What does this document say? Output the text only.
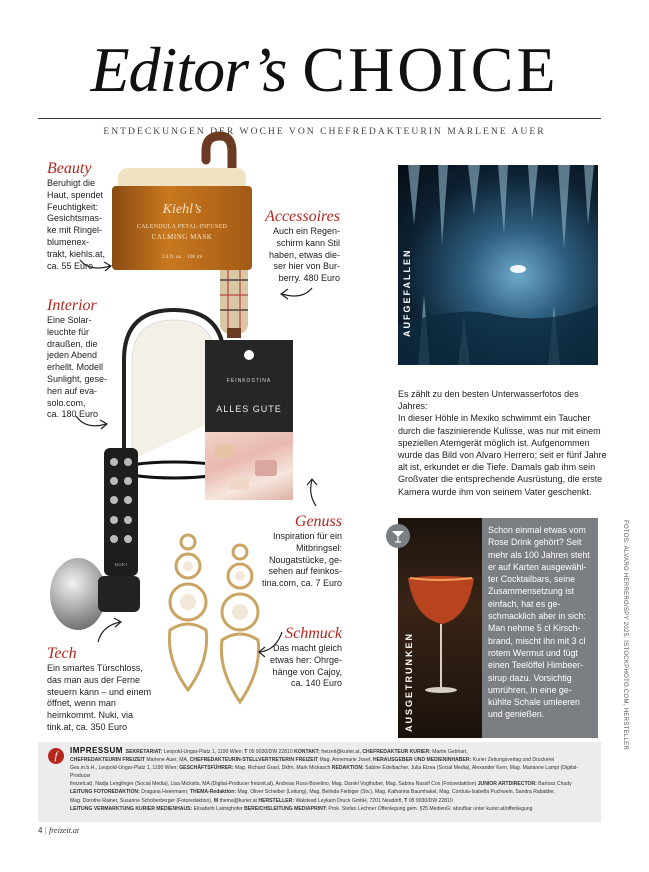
Editor’s CHOICE
ENTDECKUNGEN DER WOCHE VON CHEFREDAKTEURIN MARLENE AUER
Kiehl’s
CALENDULA PETAL-INFUSED
CALMING MASK
3.4 fl. oz. · 100 ml
Beauty
Beruhigt die
Haut, spendet
Feuchtigkeit:
Gesichtsmas-
ke mit Ringel-
blumenex-
trakt, kiehls.at,
ca. 55 Euro
Accessoires
Auch ein Regen-
schirm kann Stil
haben, etwas die-
ser hier von Bur-
berry. 480 Euro
Interior
Eine Solar-
leuchte für
draußen, die
jeden Abend
erhellt. Modell
Sunlight, gese-
hen auf eva-
solo.com,
ca. 180 Euro
FEINKOSTINA
ALLES GUTE
NUKI
Genuss
Inspiration für ein
Mitbringsel:
Nougatstücke, ge-
sehen auf feinkos-
tina.com, ca. 7 Euro
Schmuck
Das macht gleich
etwas her: Ohrge-
hänge von Cajoy,
ca. 140 Euro
Tech
Ein smartes Türschloss,
das man aus der Ferne
steuern kann – und einem
öffnet, wenn man
heimkommt. Nuki, via
tink.at, ca. 350 Euro
AUFGEFALLEN
Es zählt zu den besten Unterwasserfotos des Jahres:
In dieser Höhle in Mexiko schwimmt ein Taucher
durch die faszinierende Kulisse, was nur mit einem
speziellen Atemgerät möglich ist. Aufgenommen
wurde das Bild von Alvaro Herrero; seit er fünf Jahre
alt ist, erkundet er die Tiefe. Damals gab ihm sein
Großvater die entsprechende Ausrüstung, die erste
Kamera wurde ihm von seinem Vater geschenkt.
AUSGETRUNKEN
Schon einmal etwas vom
Rose Drink gehört? Seit
mehr als 100 Jahren steht
er auf Karten ausgewähl-
ter Cocktailbars, seine
Zusammensetzung ist
einfach, hat es ge-
schmacklich aber in sich:
Man nehme 5 cl Kirsch-
brand, mischt ihn mit 3 cl
rotem Wermut und fügt
einen Teelöffel Himbeer-
sirup dazu. Vorsichtig
umrühren, in eine ge-
kühlte Schale umleeren
und genießen.	FOTOS: ALVARO HERRERO/SPY 2025, ISTOCKPHOTO.COM, HERSTELLER
f	IMPRESSUM SEKRETARIAT: Leopold-Ungar-Platz 1, 1190 Wien; T 05 9030/DW 22810 KONTAKT: freizeit@kurier.at, CHEFREDAKTEUR KURIER: Martin Gebhart,
CHEFREDAKTEURIN FREIZEIT Marlene Auer, MA, CHEFREDAKTEURIN-STELLVERTRETERIN FREIZEIT Mag. Annemarie Josef, HERAUSGEBER UND MEDIENINHABER: Kurier Zeitungsverlag und Druckerei
Ges.m.b.H., Leopold-Ungar-Platz 1, 1190 Wien; GESCHÄFTSFÜHRER: Mag. Richard Grasl, Dkfm. Mark Mickasch REDAKTION: Sabine Edelbacher, Julia Elzea (Social Media), Alexander Kern, Mag. Marianne Lampl (Digital-Producer
freizeit.at), Nadja Lenglinger (Social Media), Lisa Micksits, MA (Digital-Producer freizeit.at), Andreas Russ-Bovelino, Mag. Daniel Voglhuber, Mag. Sabina Nassif Cox (Fotoredaktion) JUNIOR ARTDIRECTOR: Bartosz Chudy
LEITUNG FOTOREDAKTION: Dragana Heiermann; THEMA-Redaktion: Mag. Oliver Scheiber (Leitung), Mag. Belinda Fiebiger (Stv.), Mag. Katharina Baumhakel, Mag. Cordula-Isabella Puchwein, Sandra Rabalder,
Mag. Dorothe Rainer, Susanne Schoberberger (Fotoredaktion), M thema@kurier.at HERSTELLER: Walstead Leykam Druck GmbH, 7201 Neudörfl, T 05 9030/DW 22810
LEITUNG VERMARKTUNG KURIER MEDIENHAUS: Elisabeth Laimighofer BEREICHSLEITUNG MEDIAPRINT: Prok. Stefan Lechner Offenlegung gem. §25 MedienG: abrufbar unter kurier.at/offenlegung
4 | freizeit.at
